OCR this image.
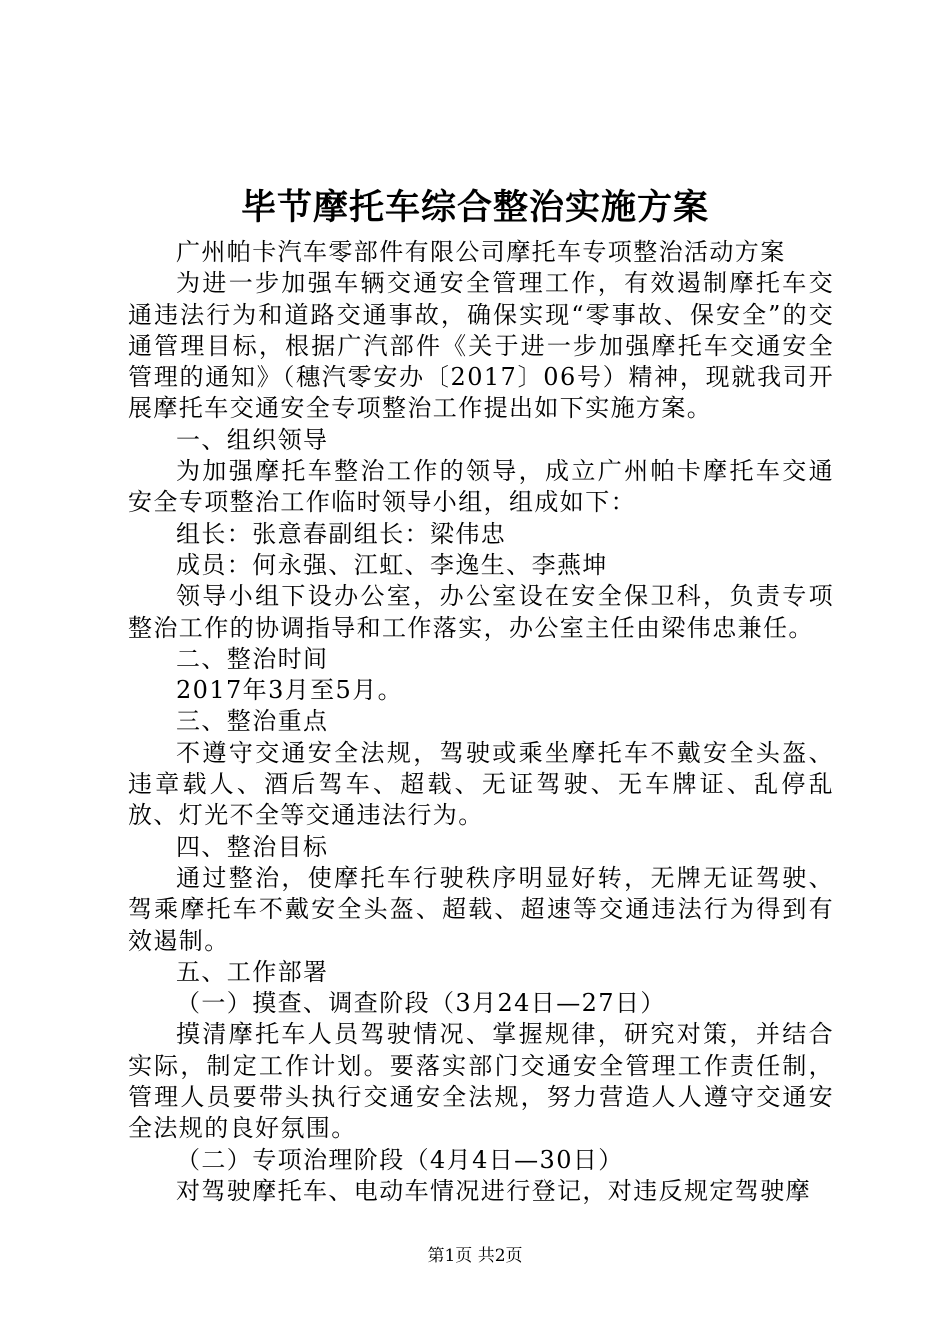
毕节摩托车综合整治实施方案

广州帕卡汽车零部件有限公司摩托车专项整治活动方案

为进一步加强车辆交通安全管理工作，有效遏制摩托车交通违法行为和道路交通事故，确保实现“零事故、保安全”的交通管理目标，根据广汽部件《关于进一步加强摩托车交通安全管理的通知》（穗汽零安办〔2017〕06号）精神，现就我司开展摩托车交通安全专项整治工作提出如下实施方案。

一、组织领导

为加强摩托车整治工作的领导，成立广州帕卡摩托车交通安全专项整治工作临时领导小组，组成如下：

组长：张意春副组长：梁伟忠

成员：何永强、江虹、李逸生、李燕坤

领导小组下设办公室，办公室设在安全保卫科，负责专项整治工作的协调指导和工作落实，办公室主任由梁伟忠兼任。

二、整治时间

2017年3月至5月。

三、整治重点

不遵守交通安全法规，驾驶或乘坐摩托车不戴安全头盔、违章载人、酒后驾车、超载、无证驾驶、无车牌证、乱停乱放、灯光不全等交通违法行为。

四、整治目标

通过整治，使摩托车行驶秩序明显好转，无牌无证驾驶、驾乘摩托车不戴安全头盔、超载、超速等交通违法行为得到有效遏制。

五、工作部署

（一）摸查、调查阶段（3月24日—27日）

摸清摩托车人员驾驶情况、掌握规律，研究对策，并结合实际，制定工作计划。要落实部门交通安全管理工作责任制，管理人员要带头执行交通安全法规，努力营造人人遵守交通安全法规的良好氛围。

（二）专项治理阶段（4月4日—30日）

对驾驶摩托车、电动车情况进行登记，对违反规定驾驶摩

第1页 共2页
